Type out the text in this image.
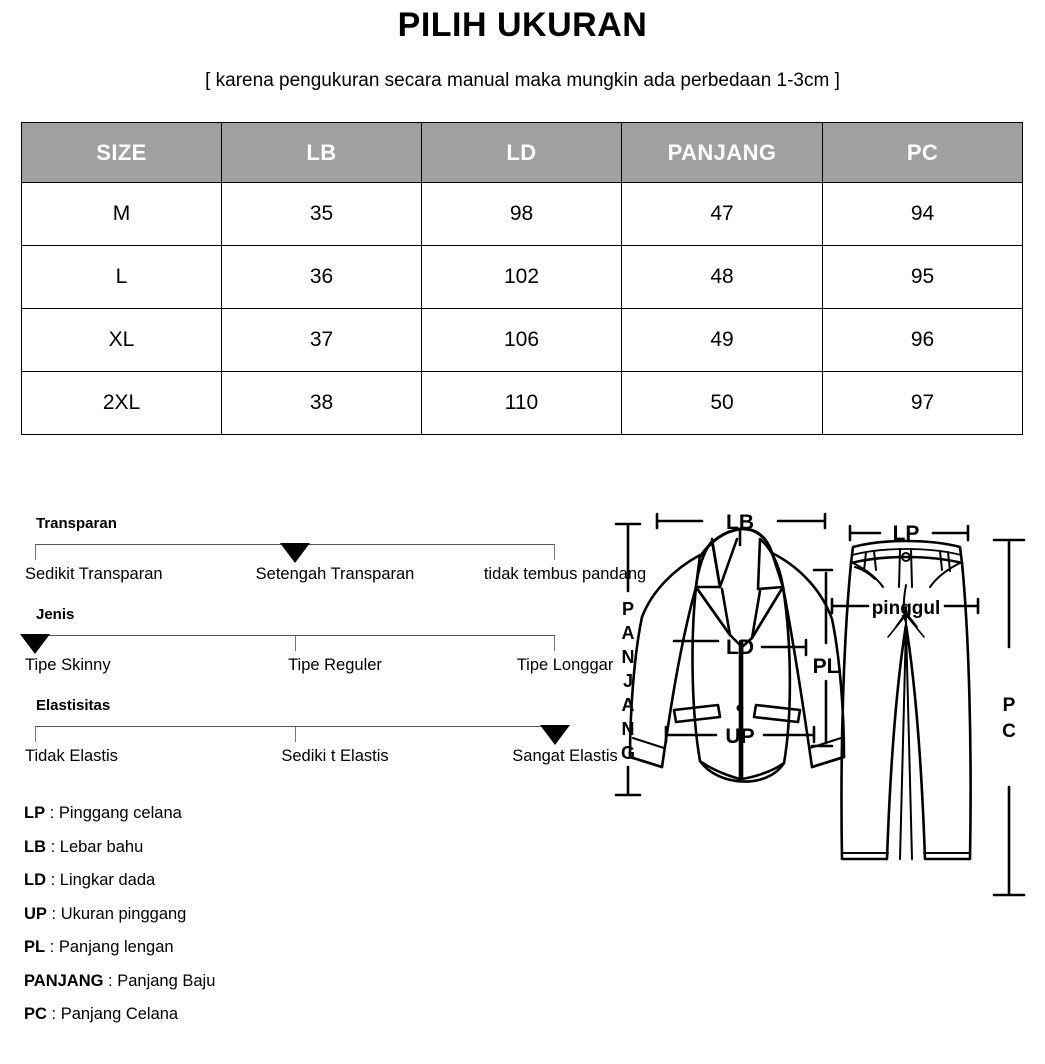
PILIH UKURAN
[ karena pengukuran secara manual maka mungkin ada perbedaan 1-3cm ]
SIZE	LB	LD	PANJANG	PC
M	35	98	47	94
L	36	102	48	95
XL	37	106	49	96
2XL	38	110	50	97
Transparan
Sedikit Transparan	Setengah Transparan	tidak tembus pandang
Jenis
Tipe Skinny	Tipe Reguler	Tipe Longgar
Elastisitas
Tidak Elastis	Sediki t Elastis	Sangat Elastis
LP : Pinggang celana
LB : Lebar bahu
LD : Lingkar dada
UP : Ukuran pinggang
PL : Panjang lengan
PANJANG : Panjang Baju
PC : Panjang Celana
LB
LD
UP
PL
P A N J A N G
LP
pinggul
P C
